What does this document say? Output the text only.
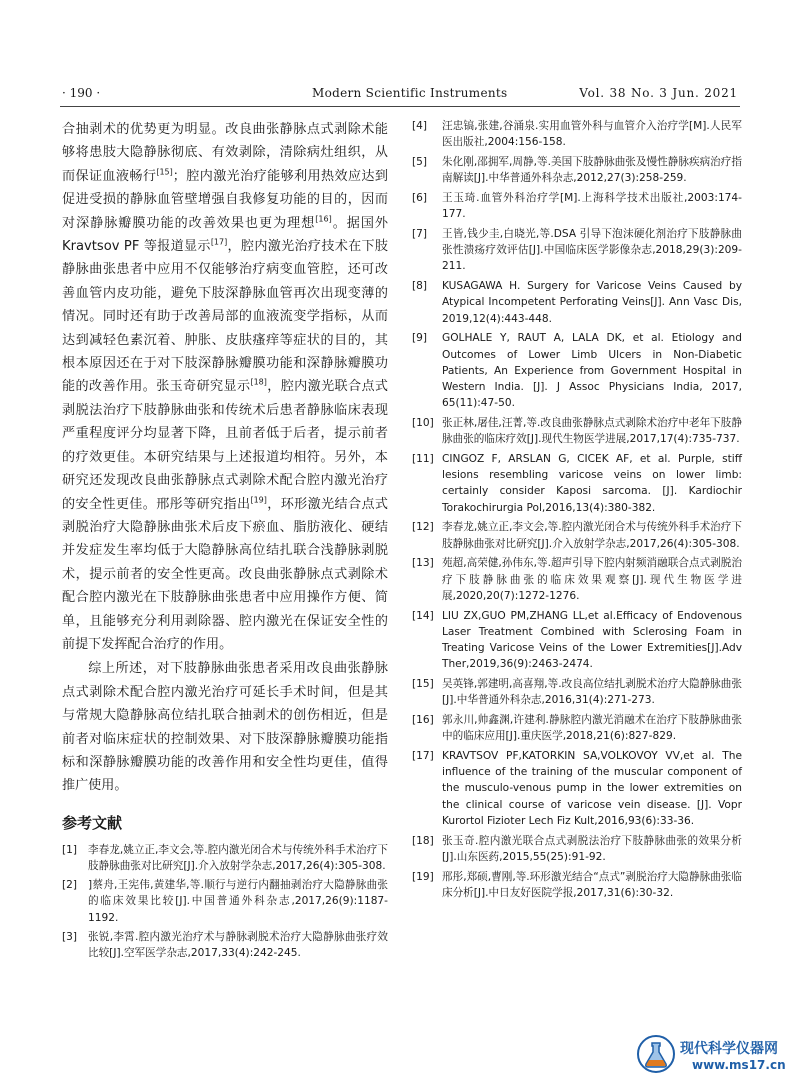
· 190 ·	Modern Scientific Instruments	Vol. 38 No. 3 Jun. 2021

合抽剥术的优势更为明显。改良曲张静脉点式剥除术能够将患肢大隐静脉彻底、有效剥除，清除病灶组织，从而保证血液畅行[15]；腔内激光治疗能够利用热效应达到促进受损的静脉血管壁增强自我修复功能的目的，因而对深静脉瓣膜功能的改善效果也更为理想[16]。据国外 Kravtsov PF 等报道显示[17]，腔内激光治疗技术在下肢静脉曲张患者中应用不仅能够治疗病变血管腔，还可改善血管内皮功能，避免下肢深静脉血管再次出现变薄的情况。同时还有助于改善局部的血液流变学指标，从而达到减轻色素沉着、肿胀、皮肤瘙痒等症状的目的，其根本原因还在于对下肢深静脉瓣膜功能和深静脉瓣膜功能的改善作用。张玉奇研究显示[18]，腔内激光联合点式剥脱法治疗下肢静脉曲张和传统术后患者静脉临床表现严重程度评分均显著下降，且前者低于后者，提示前者的疗效更佳。本研究结果与上述报道均相符。另外，本研究还发现改良曲张静脉点式剥除术配合腔内激光治疗的安全性更佳。邢彤等研究指出[19]，环形激光结合点式剥脱治疗大隐静脉曲张术后皮下瘀血、脂肪液化、硬结并发症发生率均低于大隐静脉高位结扎联合浅静脉剥脱术，提示前者的安全性更高。改良曲张静脉点式剥除术配合腔内激光在下肢静脉曲张患者中应用操作方便、简单，且能够充分利用剥除器、腔内激光在保证安全性的前提下发挥配合治疗的作用。

综上所述，对下肢静脉曲张患者采用改良曲张静脉点式剥除术配合腔内激光治疗可延长手术时间，但是其与常规大隐静脉高位结扎联合抽剥术的创伤相近，但是前者对临床症状的控制效果、对下肢深静脉瓣膜功能指标和深静脉瓣膜功能的改善作用和安全性均更佳，值得推广使用。

参考文献
[1] 李春龙,姚立正,李文会,等.腔内激光闭合术与传统外科手术治疗下肢静脉曲张对比研究[J].介入放射学杂志,2017,26(4):305-308.
[2] ]蔡舟,王宪伟,黄建华,等.顺行与逆行内翻抽剥治疗大隐静脉曲张的临床效果比较[J].中国普通外科杂志,2017,26(9):1187-1192.
[3] 张锐,李霄.腔内激光治疗术与静脉剥脱术治疗大隐静脉曲张疗效比较[J].空军医学杂志,2017,33(4):242-245.
[4] 汪忠镐,张建,谷涌泉.实用血管外科与血管介入治疗学[M].人民军医出版社,2004:156-158.
[5] 朱化刚,邵拥军,周静,等.美国下肢静脉曲张及慢性静脉疾病治疗指南解读[J].中华普通外科杂志,2012,27(3):258-259.
[6] 王玉琦.血管外科治疗学[M].上海科学技术出版社,2003:174-177.
[7] 王皆,钱少圭,白晓光,等.DSA 引导下泡沫硬化剂治疗下肢静脉曲张性溃疡疗效评估[J].中国临床医学影像杂志,2018,29(3):209-211.
[8] KUSAGAWA H. Surgery for Varicose Veins Caused by Atypical Incompetent Perforating Veins[J]. Ann Vasc Dis, 2019,12(4):443-448.
[9] GOLHALE Y, RAUT A, LALA DK, et al. Etiology and Outcomes of Lower Limb Ulcers in Non-Diabetic Patients, An Experience from Government Hospital in Western India. [J]. J Assoc Physicians India, 2017, 65(11):47-50.
[10] 张正林,屠佳,汪菁,等.改良曲张静脉点式剥除术治疗中老年下肢静脉曲张的临床疗效[J].现代生物医学进展,2017,17(4):735-737.
[11] CINGOZ F, ARSLAN G, CICEK AF, et al. Purple, stiff lesions resembling varicose veins on lower limb: certainly consider Kaposi sarcoma. [J]. Kardiochir Torakochirurgia Pol,2016,13(4):380-382.
[12] 李春龙,姚立正,李文会,等.腔内激光闭合术与传统外科手术治疗下肢静脉曲张对比研究[J].介入放射学杂志,2017,26(4):305-308.
[13] 苑超,高荣健,孙伟东,等.超声引导下腔内射频消融联合点式剥脱治疗下肢静脉曲张的临床效果观察[J].现代生物医学进展,2020,20(7):1272-1276.
[14] LIU ZX,GUO PM,ZHANG LL,et al.Efficacy of Endovenous Laser Treatment Combined with Sclerosing Foam in Treating Varicose Veins of the Lower Extremities[J].Adv Ther,2019,36(9):2463-2474.
[15] 吴英锋,郭建明,高喜翔,等.改良高位结扎剥脱术治疗大隐静脉曲张[J].中华普通外科杂志,2016,31(4):271-273.
[16] 郭永川,帅鑫渊,许建利.静脉腔内激光消融术在治疗下肢静脉曲张中的临床应用[J].重庆医学,2018,21(6):827-829.
[17] KRAVTSOV PF,KATORKIN SA,VOLKOVOY VV,et al. The influence of the training of the muscular component of the musculo-venous pump in the lower extremities on the clinical course of varicose vein disease. [J]. Vopr Kurortol Fizioter Lech Fiz Kult,2016,93(6):33-36.
[18] 张玉奇.腔内激光联合点式剥脱法治疗下肢静脉曲张的效果分析[J].山东医药,2015,55(25):91-92.
[19] 邢彤,郑硕,曹刚,等.环形激光结合“点式”剥脱治疗大隐静脉曲张临床分析[J].中日友好医院学报,2017,31(6):30-32.
现代科学仪器网
www.ms17.cn
